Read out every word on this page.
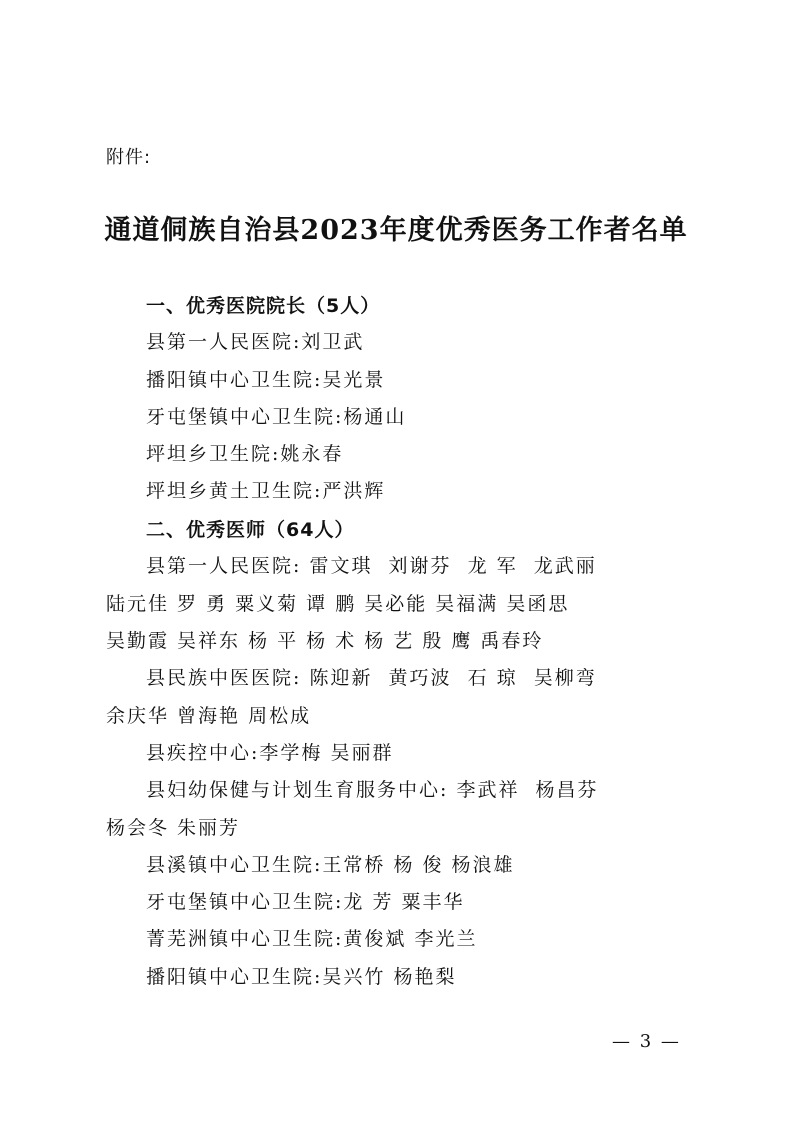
附件:
通道侗族自治县2023年度优秀医务工作者名单
一、优秀医院院长（5人）
县第一人民医院:刘卫武
播阳镇中心卫生院:吴光景
牙屯堡镇中心卫生院:杨通山
坪坦乡卫生院:姚永春
坪坦乡黄土卫生院:严洪辉
二、优秀医师（64人）
县第一人民医院: 雷文琪  刘谢芬  龙 军  龙武丽
陆元佳 罗 勇 粟义菊 谭 鹏 吴必能 吴福满 吴函思
吴勤霞 吴祥东 杨 平 杨 术 杨 艺 殷 鹰 禹春玲
县民族中医医院: 陈迎新  黄巧波  石 琼  吴柳弯
余庆华 曾海艳 周松成
县疾控中心:李学梅 吴丽群
县妇幼保健与计划生育服务中心: 李武祥  杨昌芬
杨会冬 朱丽芳
县溪镇中心卫生院:王常桥 杨 俊 杨浪雄
牙屯堡镇中心卫生院:龙 芳 粟丰华
菁芜洲镇中心卫生院:黄俊斌 李光兰
播阳镇中心卫生院:吴兴竹 杨艳梨
— 3 —
